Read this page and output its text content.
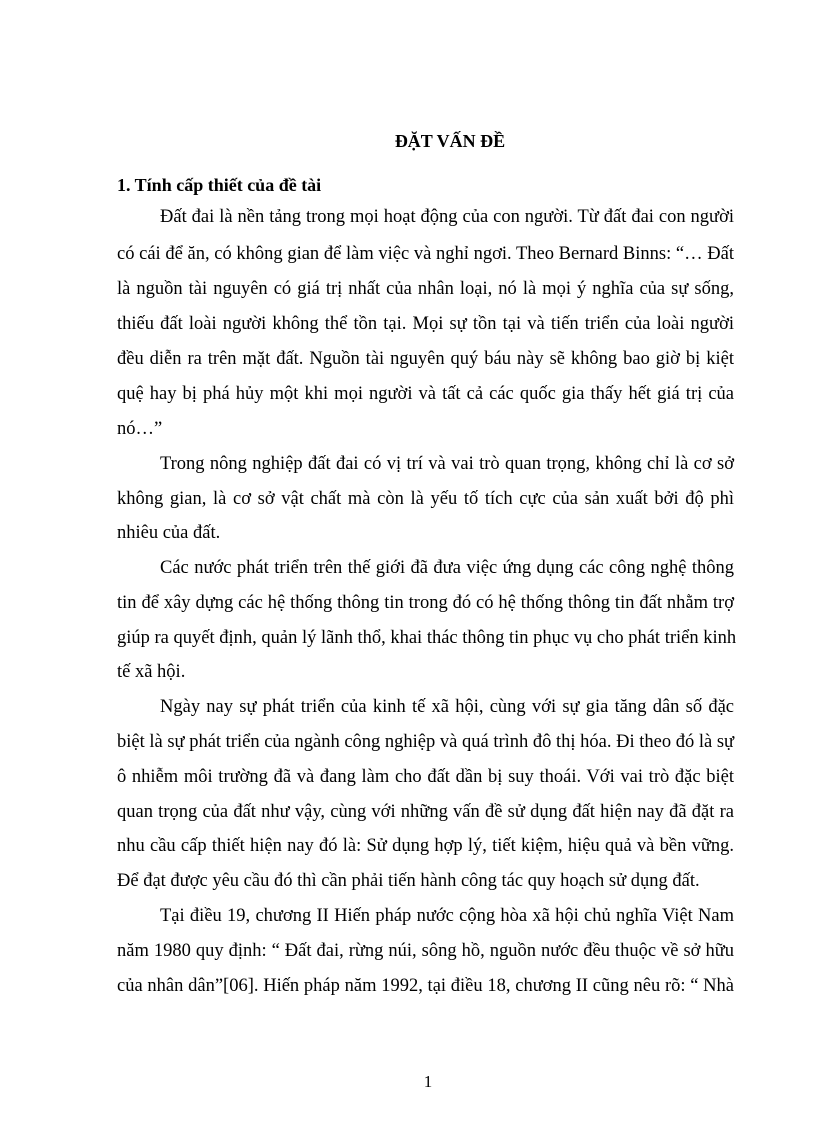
ĐẶT VẤN ĐỀ
1. Tính cấp thiết của đề tài

Đất đai là nền tảng trong mọi hoạt động của con người. Từ đất đai con người

có cái để ăn, có không gian để làm việc và nghỉ ngơi. Theo Bernard Binns: “… Đất

là nguồn tài nguyên có giá trị nhất của nhân loại, nó là mọi ý nghĩa của sự sống,

thiếu đất loài người không thể tồn tại. Mọi sự tồn tại và tiến triển của loài người

đều diễn ra trên mặt đất. Nguồn tài nguyên quý báu này sẽ không bao giờ bị kiệt

quệ hay bị phá hủy một khi mọi người và tất cả các quốc gia thấy hết giá trị của

nó…”

Trong nông nghiệp đất đai có vị trí và vai trò quan trọng, không chỉ là cơ sở

không gian, là cơ sở vật chất mà còn là yếu tố tích cực của sản xuất bởi độ phì

nhiêu của đất.

Các nước phát triển trên thế giới đã đưa việc ứng dụng các công nghệ thông

tin để xây dựng các hệ thống thông tin trong đó có hệ thống thông tin đất nhằm trợ

giúp ra quyết định, quản lý lãnh thổ, khai thác thông tin phục vụ cho phát triển kinh

tế xã hội.

Ngày nay sự phát triển của kinh tế xã hội, cùng với sự gia tăng dân số đặc

biệt là sự phát triển của ngành công nghiệp và quá trình đô thị hóa. Đi theo đó là sự

ô nhiễm môi trường đã và đang làm cho đất dần bị suy thoái. Với vai trò đặc biệt

quan trọng của đất như vậy, cùng với những vấn đề sử dụng đất hiện nay đã đặt ra

nhu cầu cấp thiết hiện nay đó là: Sử dụng hợp lý, tiết kiệm, hiệu quả và bền vững.

Để đạt được yêu cầu đó thì cần phải tiến hành công tác quy hoạch sử dụng đất.

Tại điều 19, chương II Hiến pháp nước cộng hòa xã hội chủ nghĩa Việt Nam

năm 1980 quy định: “ Đất đai, rừng núi, sông hồ, nguồn nước đều thuộc về sở hữu

của nhân dân”[06]. Hiến pháp năm 1992, tại điều 18, chương II cũng nêu rõ: “ Nhà

1
